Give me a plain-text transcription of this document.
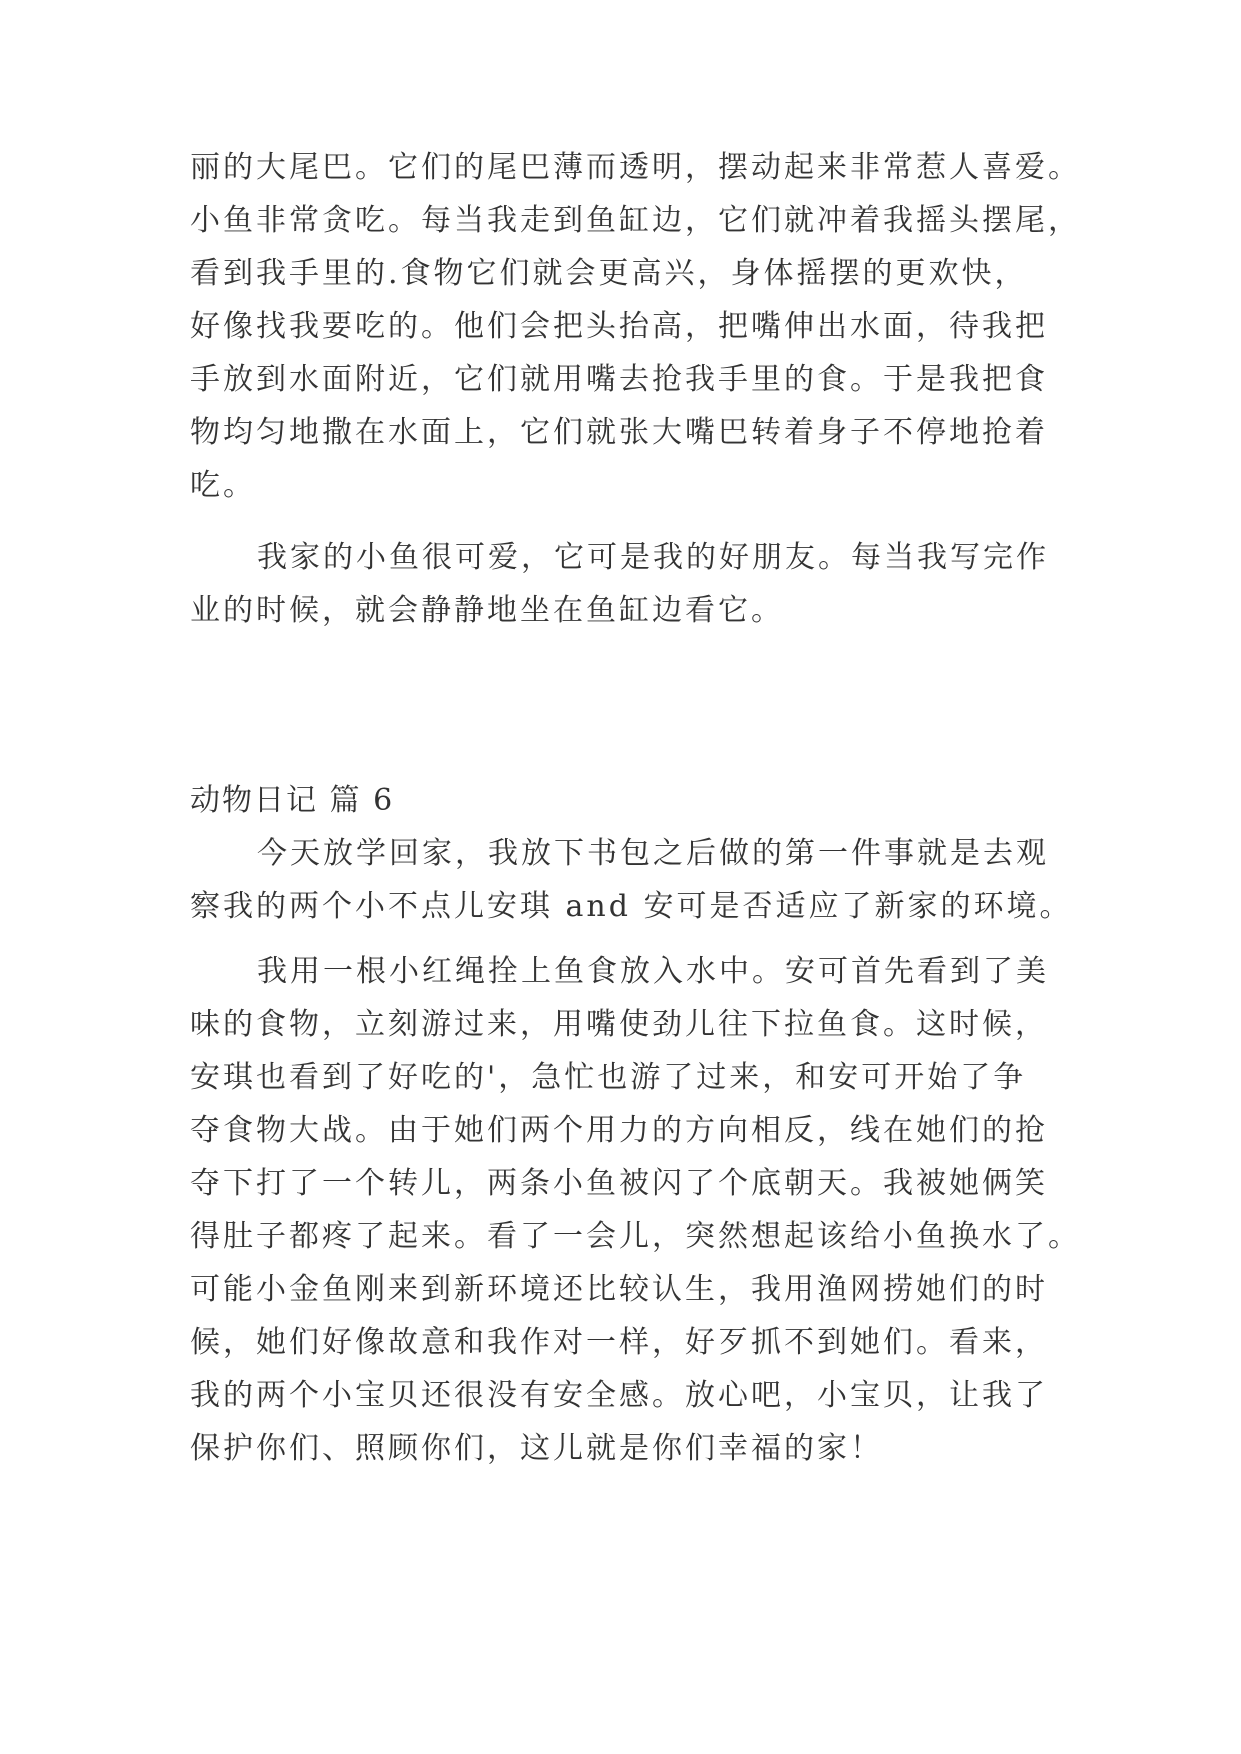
丽的大尾巴。它们的尾巴薄而透明，摆动起来非常惹人喜爱。
小鱼非常贪吃。每当我走到鱼缸边，它们就冲着我摇头摆尾，
看到我手里的.食物它们就会更高兴，身体摇摆的更欢快，
好像找我要吃的。他们会把头抬高，把嘴伸出水面，待我把
手放到水面附近，它们就用嘴去抢我手里的食。于是我把食
物均匀地撒在水面上，它们就张大嘴巴转着身子不停地抢着
吃。
我家的小鱼很可爱，它可是我的好朋友。每当我写完作
业的时候，就会静静地坐在鱼缸边看它。
动物日记 篇 6
今天放学回家，我放下书包之后做的第一件事就是去观
察我的两个小不点儿安琪 and 安可是否适应了新家的环境。
我用一根小红绳拴上鱼食放入水中。安可首先看到了美
味的食物，立刻游过来，用嘴使劲儿往下拉鱼食。这时候，
安琪也看到了好吃的'，急忙也游了过来，和安可开始了争
夺食物大战。由于她们两个用力的方向相反，线在她们的抢
夺下打了一个转儿，两条小鱼被闪了个底朝天。我被她俩笑
得肚子都疼了起来。看了一会儿，突然想起该给小鱼换水了。
可能小金鱼刚来到新环境还比较认生，我用渔网捞她们的时
候，她们好像故意和我作对一样，好歹抓不到她们。看来，
我的两个小宝贝还很没有安全感。放心吧，小宝贝，让我了
保护你们、照顾你们，这儿就是你们幸福的家！
